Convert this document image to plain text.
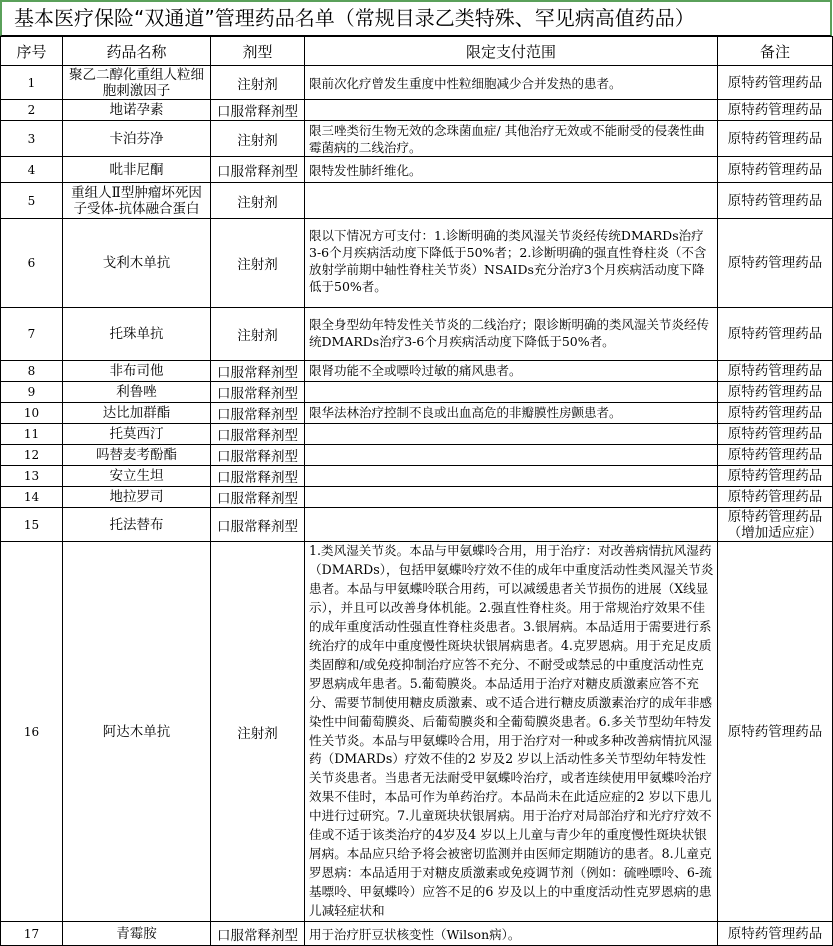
基本医疗保险“双通道”管理药品名单（常规目录乙类特殊、罕见病高值药品）
序号	药品名称	剂型	限定支付范围	备注
1	聚乙二醇化重组人粒细胞刺激因子	注射剂	限前次化疗曾发生重度中性粒细胞减少合并发热的患者。	原特药管理药品
2	地诺孕素	口服常释剂型		原特药管理药品
3	卡泊芬净	注射剂	限三唑类衍生物无效的念珠菌血症/ 其他治疗无效或不能耐受的侵袭性曲霉菌病的二线治疗。	原特药管理药品
4	吡非尼酮	口服常释剂型	限特发性肺纤维化。	原特药管理药品
5	重组人Ⅱ型肿瘤坏死因子受体-抗体融合蛋白	注射剂		原特药管理药品
6	戈利木单抗	注射剂	限以下情况方可支付：1.诊断明确的类风湿关节炎经传统DMARDs治疗3-6个月疾病活动度下降低于50%者；2.诊断明确的强直性脊柱炎（不含放射学前期中轴性脊柱关节炎）NSAIDs充分治疗3个月疾病活动度下降低于50%者。	原特药管理药品
7	托珠单抗	注射剂	限全身型幼年特发性关节炎的二线治疗；限诊断明确的类风湿关节炎经传统DMARDs治疗3-6个月疾病活动度下降低于50%者。	原特药管理药品
8	非布司他	口服常释剂型	限肾功能不全或嘌呤过敏的痛风患者。	原特药管理药品
9	利鲁唑	口服常释剂型		原特药管理药品
10	达比加群酯	口服常释剂型	限华法林治疗控制不良或出血高危的非瓣膜性房颤患者。	原特药管理药品
11	托莫西汀	口服常释剂型		原特药管理药品
12	吗替麦考酚酯	口服常释剂型		原特药管理药品
13	安立生坦	口服常释剂型		原特药管理药品
14	地拉罗司	口服常释剂型		原特药管理药品
15	托法替布	口服常释剂型		原特药管理药品
（增加适应症）

16	阿达木单抗	注射剂	1.类风湿关节炎。本品与甲氨蝶呤合用，用于治疗：对改善病情抗风湿药（DMARDs），包括甲氨蝶呤疗效不佳的成年中重度活动性类风湿关节炎患者。本品与甲氨蝶呤联合用药，可以减缓患者关节损伤的进展（X线显示），并且可以改善身体机能。2.强直性脊柱炎。用于常规治疗效果不佳的成年重度活动性强直性脊柱炎患者。3.银屑病。本品适用于需要进行系统治疗的成年中重度慢性斑块状银屑病患者。4.克罗恩病。用于充足皮质类固醇和/或免疫抑制治疗应答不充分、不耐受或禁忌的中重度活动性克罗恩病成年患者。5.葡萄膜炎。本品适用于治疗对糖皮质激素应答不充分、需要节制使用糖皮质激素、或不适合进行糖皮质激素治疗的成年非感染性中间葡萄膜炎、后葡萄膜炎和全葡萄膜炎患者。6.多关节型幼年特发性关节炎。本品与甲氨蝶呤合用，用于治疗对一种或多种改善病情抗风湿药（DMARDs）疗效不佳的2 岁及2 岁以上活动性多关节型幼年特发性关节炎患者。当患者无法耐受甲氨蝶呤治疗，或者连续使用甲氨蝶呤治疗效果不佳时，本品可作为单药治疗。本品尚未在此适应症的2 岁以下患儿中进行过研究。7.儿童斑块状银屑病。用于治疗对局部治疗和光疗疗效不佳或不适于该类治疗的4岁及4 岁以上儿童与青少年的重度慢性斑块状银屑病。本品应只给予将会被密切监测并由医师定期随访的患者。8.儿童克罗恩病：本品适用于对糖皮质激素或免疫调节剂（例如：硫唑嘌呤、6-巯基嘌呤、甲氨蝶呤）应答不足的6 岁及以上的中重度活动性克罗恩病的患儿减轻症状和	原特药管理药品
17	青霉胺	口服常释剂型	用于治疗肝豆状核变性（Wilson病）。	原特药管理药品
